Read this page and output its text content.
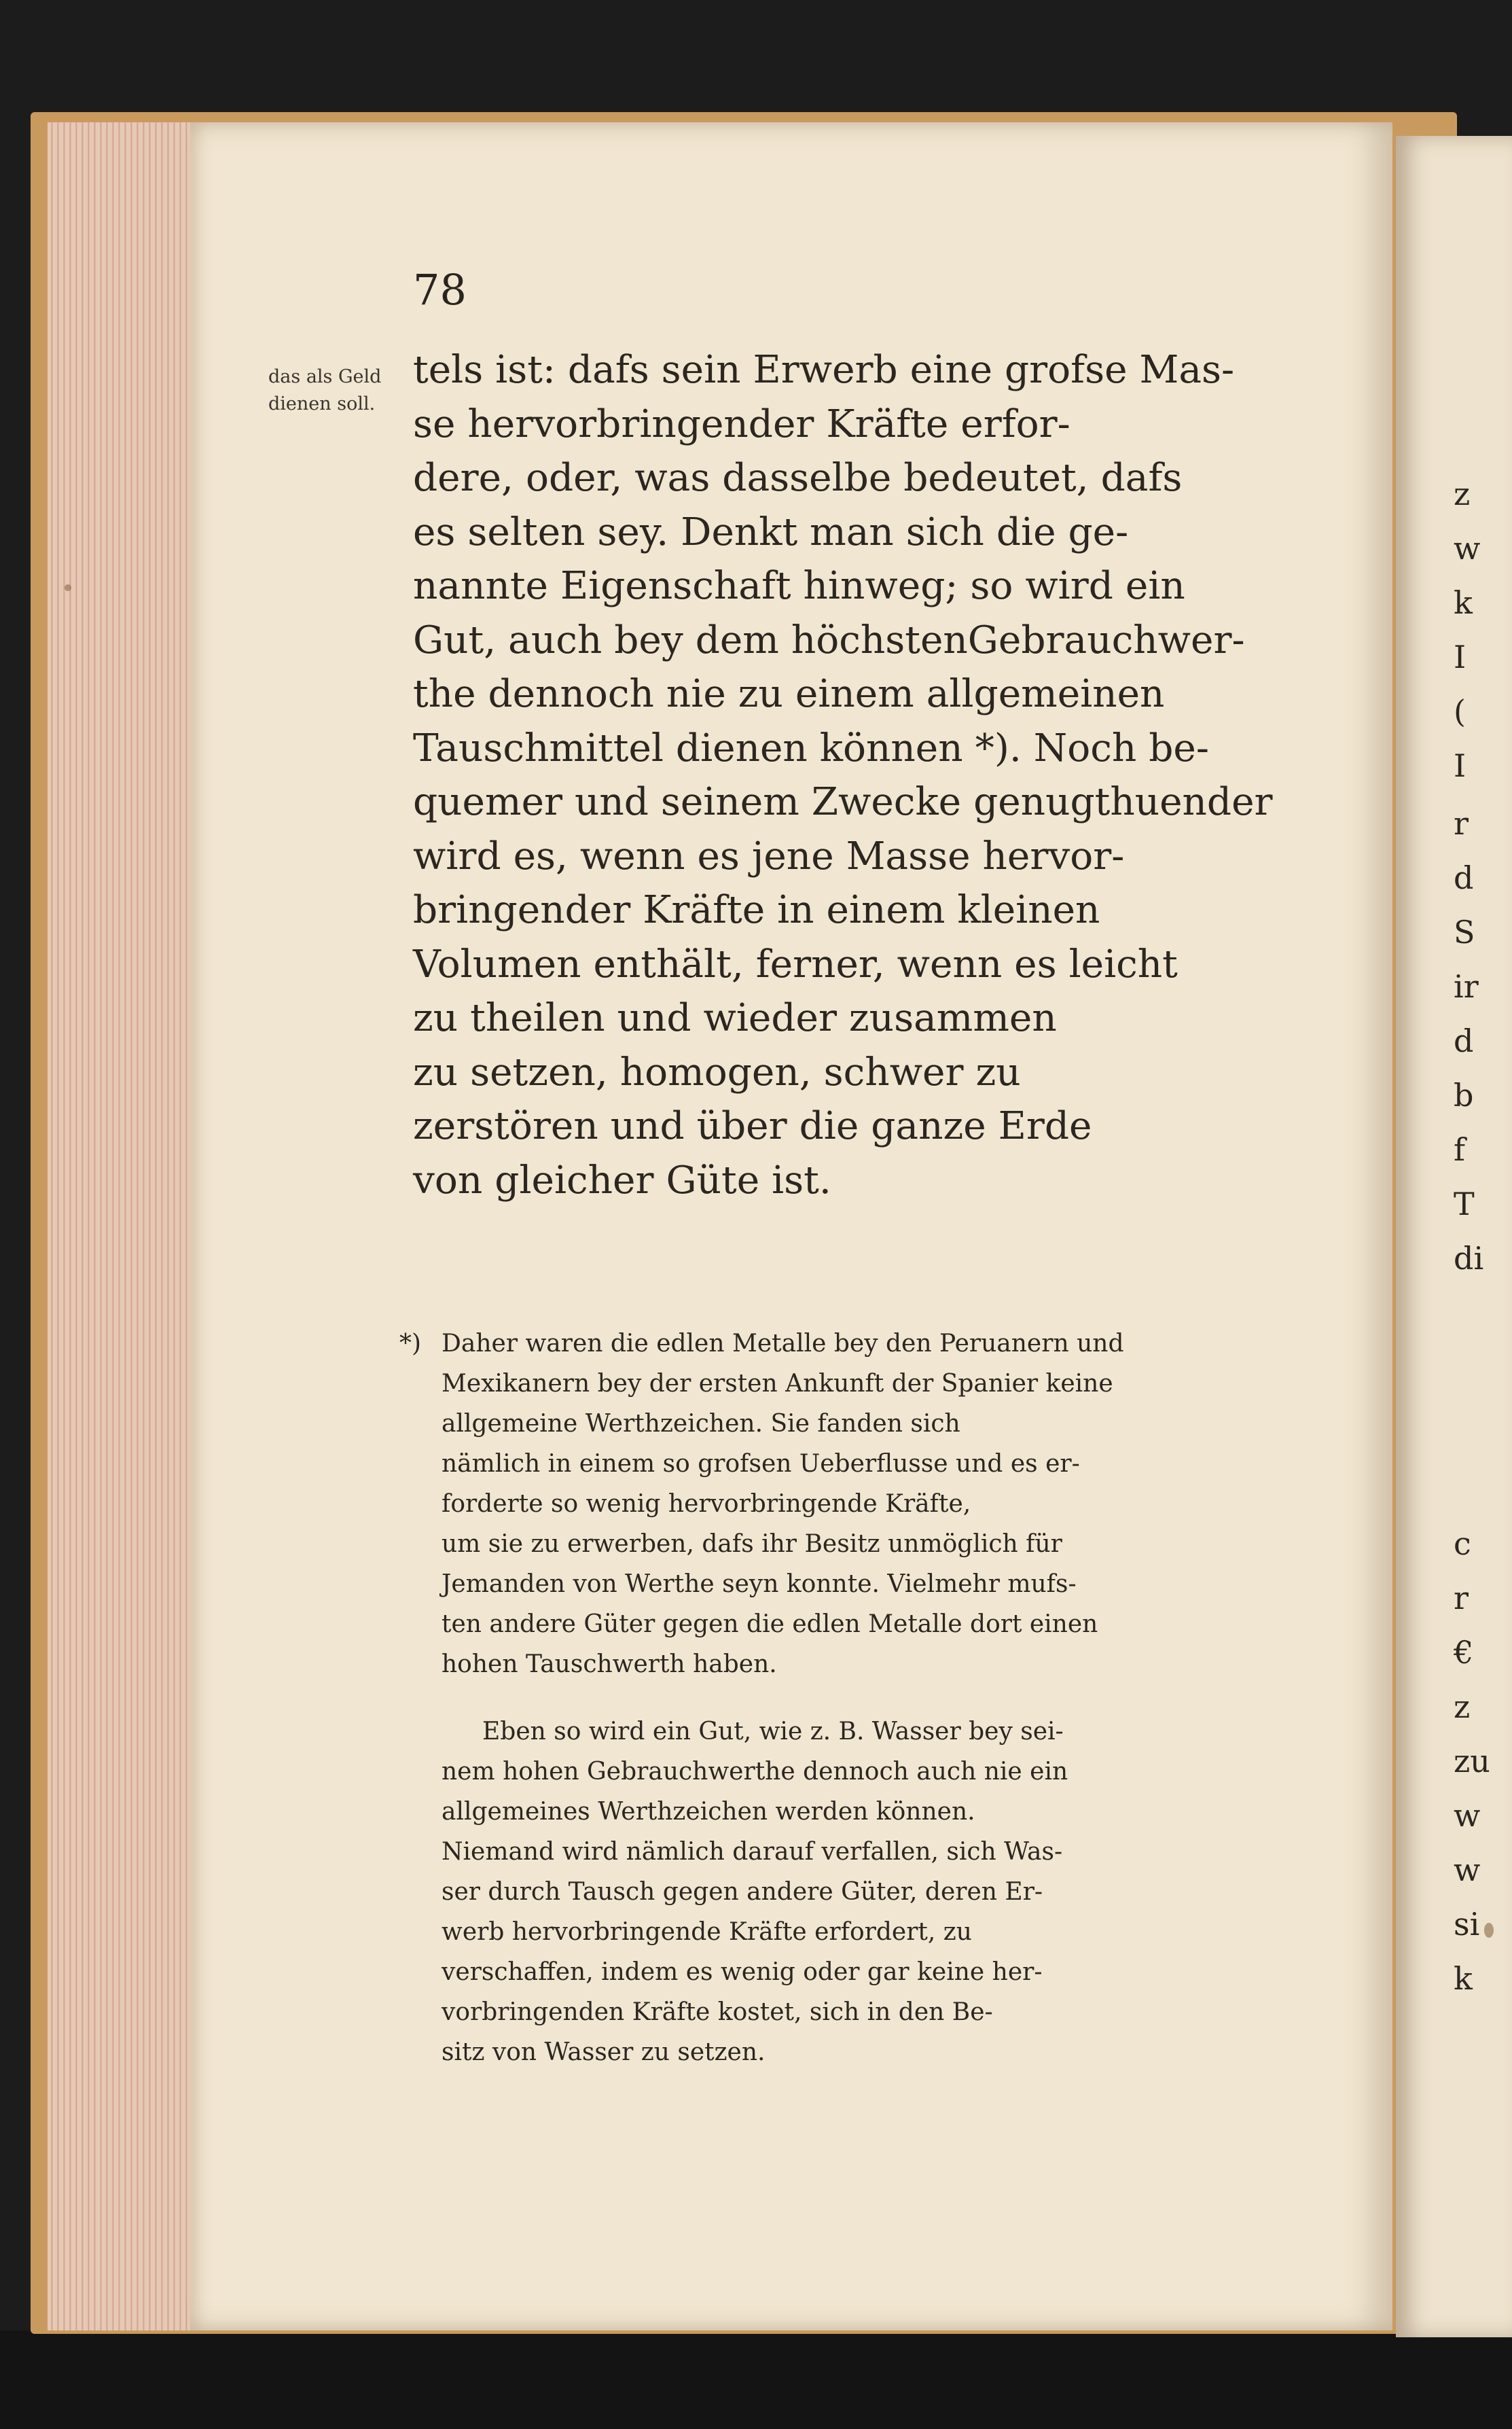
z
w
k
I
(
I
r
d
S
ir
d
b
f
T
di
c
r
€
z
zu
w
w
si
k
78
das als Geld
dienen soll.
tels ist: dafs sein Erwerb eine grofse Mas-
se hervorbringender Kräfte erfor-
dere, oder, was dasselbe bedeutet, dafs
es selten sey. Denkt man sich die ge-
nannte Eigenschaft hinweg; so wird ein
Gut, auch bey dem höchstenGebrauchwer-
the dennoch nie zu einem allgemeinen
Tauschmittel dienen können *). Noch be-
quemer und seinem Zwecke genugthuender
wird es, wenn es jene Masse hervor-
bringender Kräfte in einem kleinen
Volumen enthält, ferner, wenn es leicht
zu theilen und wieder zusammen
zu setzen, homogen, schwer zu
zerstören und über die ganze Erde
von gleicher Güte ist.
*) Daher waren die edlen Metalle bey den Peruanern und
Mexikanern bey der ersten Ankunft der Spanier keine
allgemeine Werthzeichen. Sie fanden sich
nämlich in einem so grofsen Ueberflusse und es er-
forderte so wenig hervorbringende Kräfte,
um sie zu erwerben, dafs ihr Besitz unmöglich für
Jemanden von Werthe seyn konnte. Vielmehr mufs-
ten andere Güter gegen die edlen Metalle dort einen
hohen Tauschwerth haben.
Eben so wird ein Gut, wie z. B. Wasser bey sei-
nem hohen Gebrauchwerthe dennoch auch nie ein
allgemeines Werthzeichen werden können.
Niemand wird nämlich darauf verfallen, sich Was-
ser durch Tausch gegen andere Güter, deren Er-
werb hervorbringende Kräfte erfordert, zu
verschaffen, indem es wenig oder gar keine her-
vorbringenden Kräfte kostet, sich in den Be-
sitz von Wasser zu setzen.
